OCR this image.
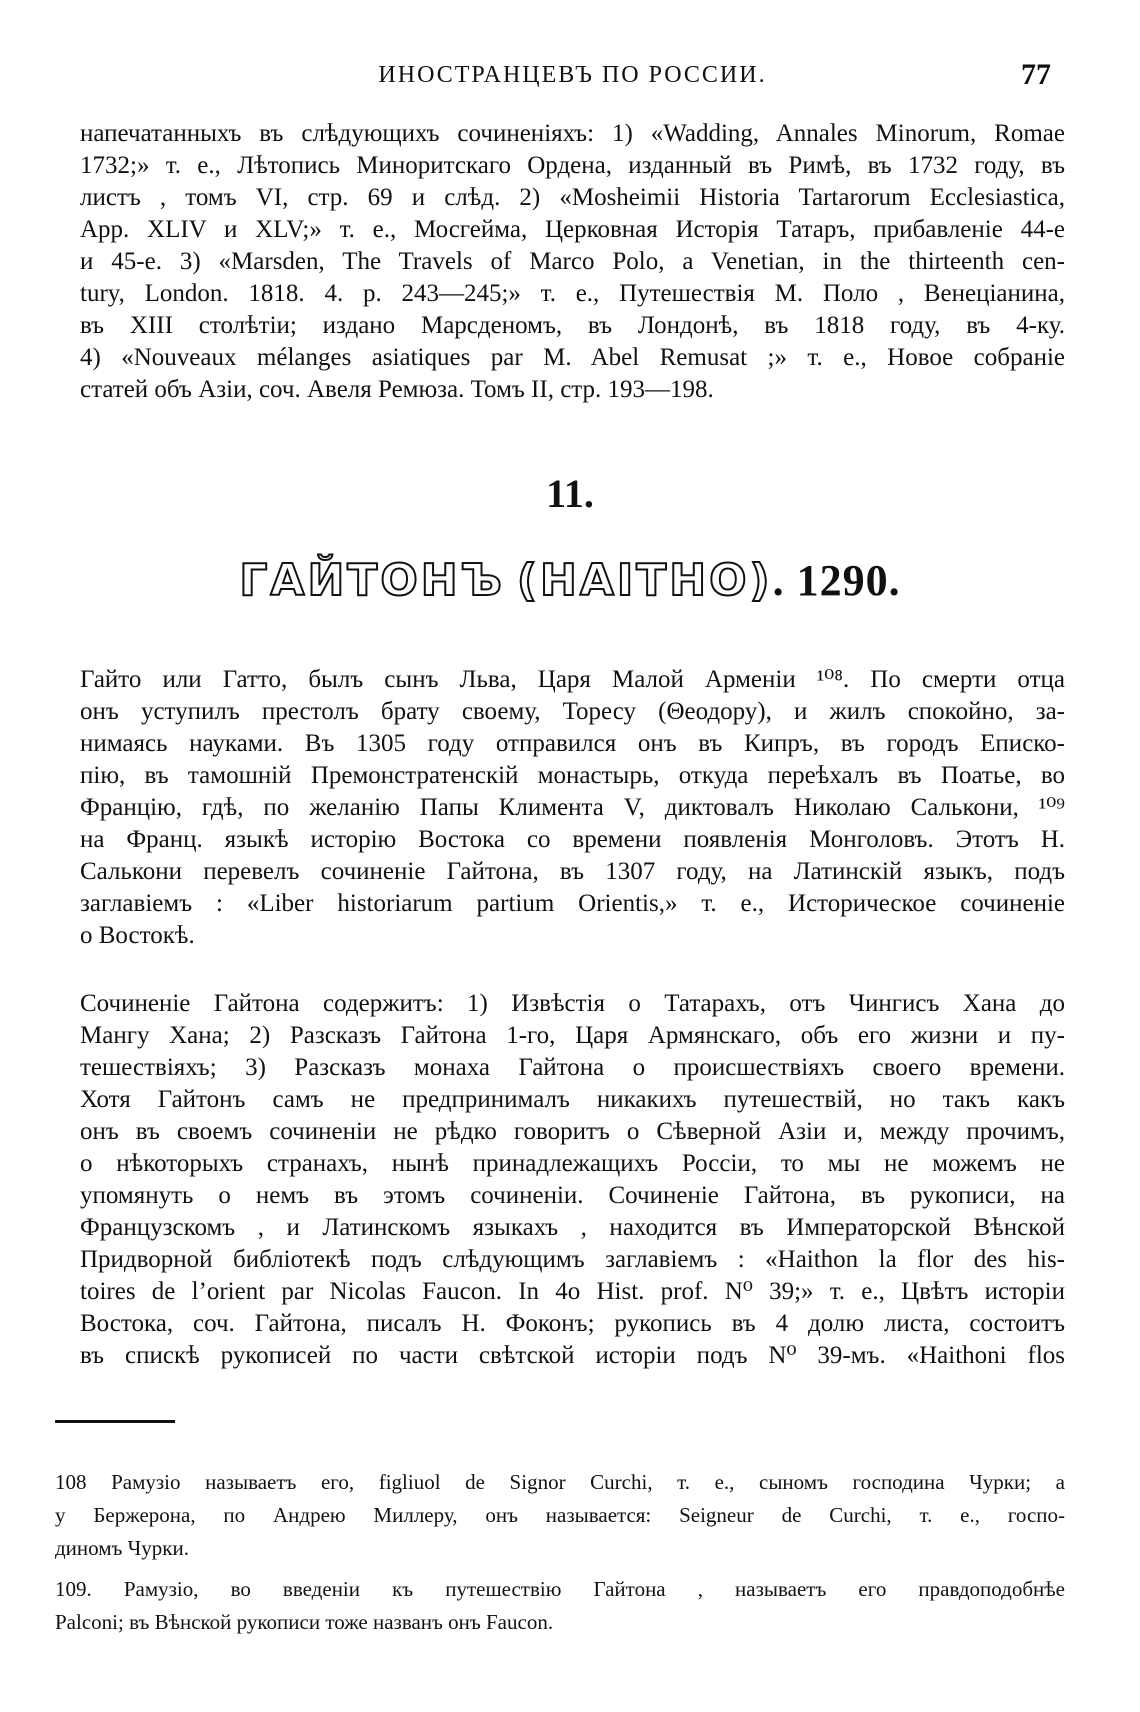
ИНОСТРАНЦЕВЪ ПО РОССИИ.	77
напечатанныхъ въ слѣдующихъ сочиненіяхъ: 1) «Wadding, Annales Minorum, Romae
1732;» т. е., Лѣтопись Миноритскаго Ордена, изданный въ Римѣ, въ 1732 году, въ
листъ , томъ VI, стр. 69 и слѣд. 2) «Mosheimii Historia Tartarorum Ecclesiastica,
App. XLIV и XLV;» т. е., Мосгейма, Церковная Исторія Татаръ, прибавленіе 44-е
и 45-е. 3) «Marsden, The Travels of Marco Polo, a Venetian, in the thirteenth cen-
tury, London. 1818. 4. p. 243—245;» т. е., Путешествія М. Поло , Венеціанина,
въ XIII столѣтіи; издано Марсденомъ, въ Лондонѣ, въ 1818 году, въ 4-ку.
4) «Nouveaux mélanges asiatiques par M. Abel Remusat ;» т. е., Новое собраніе
статей объ Азіи, соч. Авеля Ремюза. Томъ II, стр. 193—198.
11.
ГАЙТОНЪ (HAITHO). 1290.
Гайто или Гатто, былъ сынъ Льва, Царя Малой Арменіи ¹⁰⁸. По смерти отца
онъ уступилъ престолъ брату своему, Торесу (Θеодору), и жилъ спокойно, за-
нимаясь науками. Въ 1305 году отправился онъ въ Кипръ, въ городъ Еписко-
пію, въ тамошній Премонстратенскій монастырь, откуда переѣхалъ въ Поатье, во
Францію, гдѣ, по желанію Папы Климента V, диктовалъ Николаю Салькони, ¹⁰⁹
на Франц. языкѣ исторію Востока со времени появленія Монголовъ. Этотъ Н.
Салькони перевелъ сочиненіе Гайтона, въ 1307 году, на Латинскій языкъ, подъ
заглавіемъ : «Liber historiarum partium Orientis,» т. е., Историческое сочиненіе
о Востокѣ.
Сочиненіе Гайтона содержитъ: 1) Извѣстія о Татарахъ, отъ Чингисъ Хана до
Мангу Хана; 2) Разсказъ Гайтона 1-го, Царя Армянскаго, объ его жизни и пу-
тешествіяхъ; 3) Разсказъ монаха Гайтона о происшествіяхъ своего времени.
Хотя Гайтонъ самъ не предпринималъ никакихъ путешествій, но такъ какъ
онъ въ своемъ сочиненіи не рѣдко говоритъ о Сѣверной Азіи и, между прочимъ,
о нѣкоторыхъ странахъ, нынѣ принадлежащихъ Россіи, то мы не можемъ не
упомянуть о немъ въ этомъ сочиненіи. Сочиненіе Гайтона, въ рукописи, на
Французскомъ , и Латинскомъ языкахъ , находится въ Императорской Вѣнской
Придворной библіотекѣ подъ слѣдующимъ заглавіемъ : «Haithon la flor des his-
toires de l’orient par Nicolas Faucon. In 4o Hist. prof. N⁰ 39;» т. е., Цвѣтъ исторіи
Востока, соч. Гайтона, писалъ Н. Фоконъ; рукопись въ 4 долю листа, состоитъ
въ спискѣ рукописей по части свѣтской исторіи подъ N⁰ 39-мъ. «Haithoni flos
108 Рамузіо называетъ его, figliuol de Signor Curchi, т. е., сыномъ господина Чурки; а
у Бержерона, по Андрею Миллеру, онъ называется: Seigneur de Curchi, т. е., госпо-
диномъ Чурки.
109. Рамузіо, во введеніи къ путешествію Гайтона , называетъ его правдоподобнѣе
Palconi; въ Вѣнской рукописи тоже названъ онъ Faucon.
